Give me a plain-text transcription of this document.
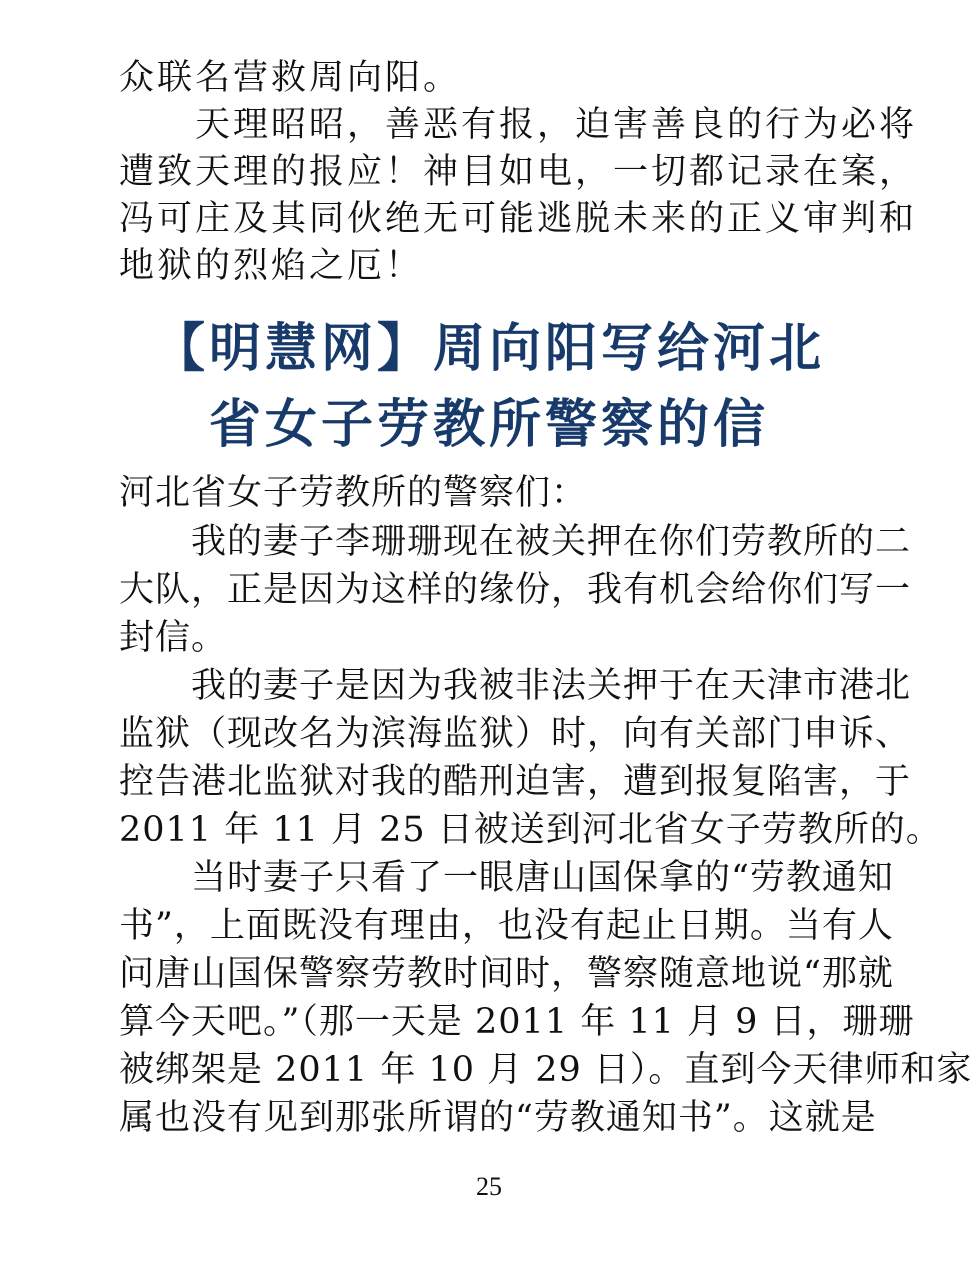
众联名营救周向阳。
　　天理昭昭，善恶有报，迫害善良的行为必将
遭致天理的报应！神目如电，一切都记录在案，
冯可庄及其同伙绝无可能逃脱未来的正义审判和
地狱的烈焰之厄！
【明慧网】周向阳写给河北
省女子劳教所警察的信
河北省女子劳教所的警察们：
　　我的妻子李珊珊现在被关押在你们劳教所的二
大队，正是因为这样的缘份，我有机会给你们写一
封信。
　　我的妻子是因为我被非法关押于在天津市港北
监狱（现改名为滨海监狱）时，向有关部门申诉、
控告港北监狱对我的酷刑迫害，遭到报复陷害，于
2011 年 11 月 25 日被送到河北省女子劳教所的。
　　当时妻子只看了一眼唐山国保拿的“劳教通知
书”，上面既没有理由，也没有起止日期。当有人
问唐山国保警察劳教时间时，警察随意地说“那就
算今天吧。”（那一天是 2011 年 11 月 9 日，珊珊
被绑架是 2011 年 10 月 29 日）。直到今天律师和家
属也没有见到那张所谓的“劳教通知书”。这就是
25
